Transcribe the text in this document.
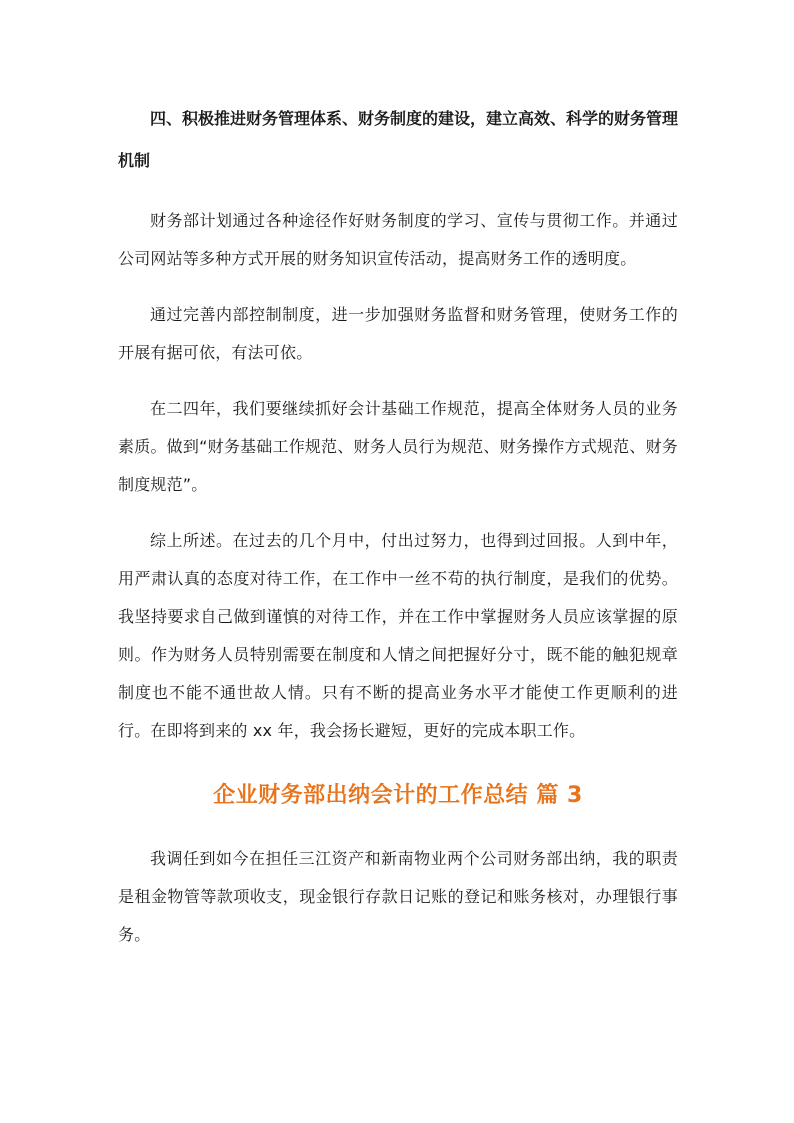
四、积极推进财务管理体系、财务制度的建设，建立高效、科学的财务管理机制

财务部计划通过各种途径作好财务制度的学习、宣传与贯彻工作。并通过公司网站等多种方式开展的财务知识宣传活动，提高财务工作的透明度。

通过完善内部控制制度，进一步加强财务监督和财务管理，使财务工作的开展有据可依，有法可依。

在二四年，我们要继续抓好会计基础工作规范，提高全体财务人员的业务素质。做到“财务基础工作规范、财务人员行为规范、财务操作方式规范、财务制度规范”。

综上所述。在过去的几个月中，付出过努力，也得到过回报。人到中年，用严肃认真的态度对待工作，在工作中一丝不苟的执行制度，是我们的优势。我坚持要求自己做到谨慎的对待工作，并在工作中掌握财务人员应该掌握的原则。作为财务人员特别需要在制度和人情之间把握好分寸，既不能的触犯规章制度也不能不通世故人情。只有不断的提高业务水平才能使工作更顺利的进行。在即将到来的 xx 年，我会扬长避短，更好的完成本职工作。

企业财务部出纳会计的工作总结 篇 3

我调任到如今在担任三江资产和新南物业两个公司财务部出纳，我的职责是租金物管等款项收支，现金银行存款日记账的登记和账务核对，办理银行事务。
